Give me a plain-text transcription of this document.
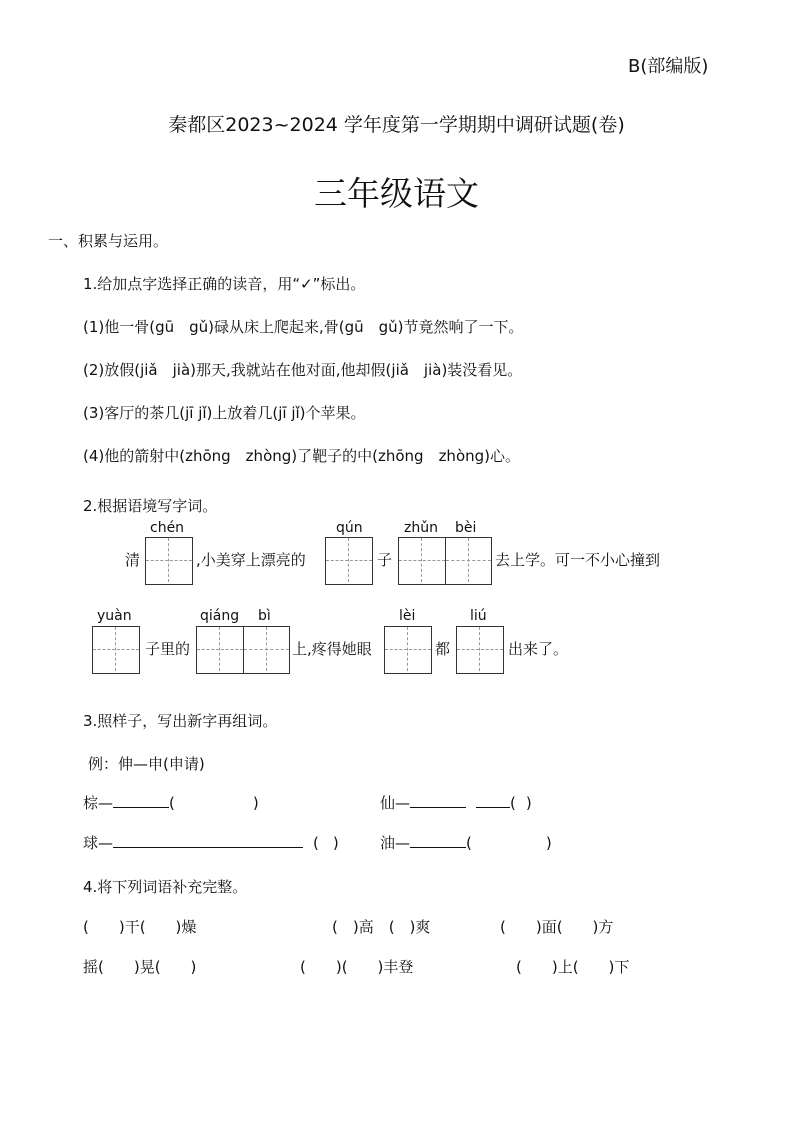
B(部编版)
秦都区2023~2024 学年度第一学期期中调研试题(卷)
三年级语文
一、积累与运用。
1.给加点字选择正确的读音，用“✓”标出。
(1)他一骨(gū　gǔ)碌从床上爬起来,骨(gū　gǔ)节竟然响了一下。
(2)放假(jiǎ　jià)那天,我就站在他对面,他却假(jiǎ　jià)装没看见。
(3)客厅的茶几(jī jǐ)上放着几(jī jǐ)个苹果。
(4)他的箭射中(zhōng　zhòng)了靶子的中(zhōng　zhòng)心。
2.根据语境写字词。
chén	qún	zhǔn bèi
清	,小美穿上漂亮的	子	去上学。可一不小心撞到
yuàn	qiáng bì	lèi	liú
子里的	上,疼得她眼	都	出来了。
3.照样子，写出新字再组词。
例：伸—申(申请)
棕—	(	)	仙—	( )
球—	( )	油—	(	)
4.将下列词语补充完整。
(　　)干(　　)燥	(　)高　(　)爽	(　　)面(　　)方
摇(　　)晃(　　)	(　　)(　　)丰登	(　　)上(　　)下
